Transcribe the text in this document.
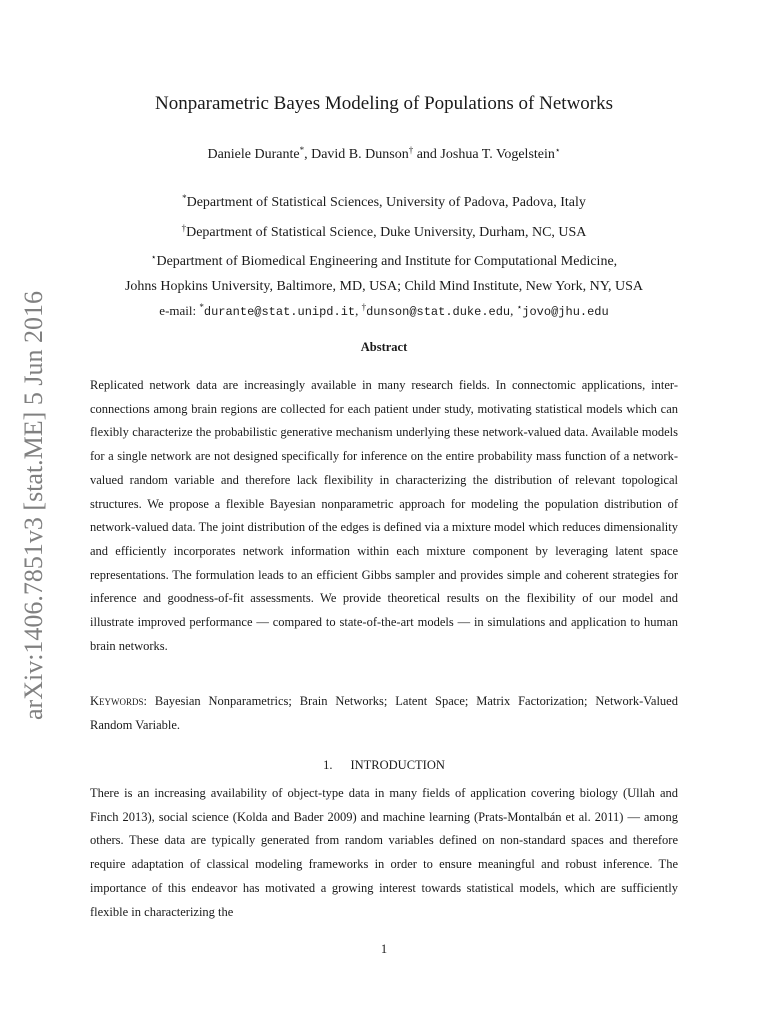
arXiv:1406.7851v3 [stat.ME] 5 Jun 2016
Nonparametric Bayes Modeling of Populations of Networks
Daniele Durante*, David B. Dunson† and Joshua T. Vogelstein⋆
*Department of Statistical Sciences, University of Padova, Padova, Italy
†Department of Statistical Science, Duke University, Durham, NC, USA
⋆Department of Biomedical Engineering and Institute for Computational Medicine,
Johns Hopkins University, Baltimore, MD, USA; Child Mind Institute, New York, NY, USA
e-mail: *durante@stat.unipd.it, †dunson@stat.duke.edu, ⋆jovo@jhu.edu
Abstract
Replicated network data are increasingly available in many research fields. In connectomic applications, inter-connections among brain regions are collected for each patient under study, motivating statistical models which can flexibly characterize the probabilistic generative mechanism underlying these network-valued data. Available models for a single network are not designed specifically for inference on the entire probability mass function of a network-valued random variable and therefore lack flexibility in characterizing the distribution of relevant topological structures. We propose a flexible Bayesian nonparametric approach for modeling the population distribution of network-valued data. The joint distribution of the edges is defined via a mixture model which reduces dimensionality and efficiently incorporates network information within each mixture component by leveraging latent space representations. The formulation leads to an efficient Gibbs sampler and provides simple and coherent strategies for inference and goodness-of-fit assessments. We provide theoretical results on the flexibility of our model and illustrate improved performance — compared to state-of-the-art models — in simulations and application to human brain networks.
Keywords: Bayesian Nonparametrics; Brain Networks; Latent Space; Matrix Factorization; Network-Valued Random Variable.
1. INTRODUCTION
There is an increasing availability of object-type data in many fields of application covering biology (Ullah and Finch 2013), social science (Kolda and Bader 2009) and machine learning (Prats-Montalbán et al. 2011) — among others. These data are typically generated from random variables defined on non-standard spaces and therefore require adaptation of classical modeling frameworks in order to ensure meaningful and robust inference. The importance of this endeavor has motivated a growing interest towards statistical models, which are sufficiently flexible in characterizing the
1
